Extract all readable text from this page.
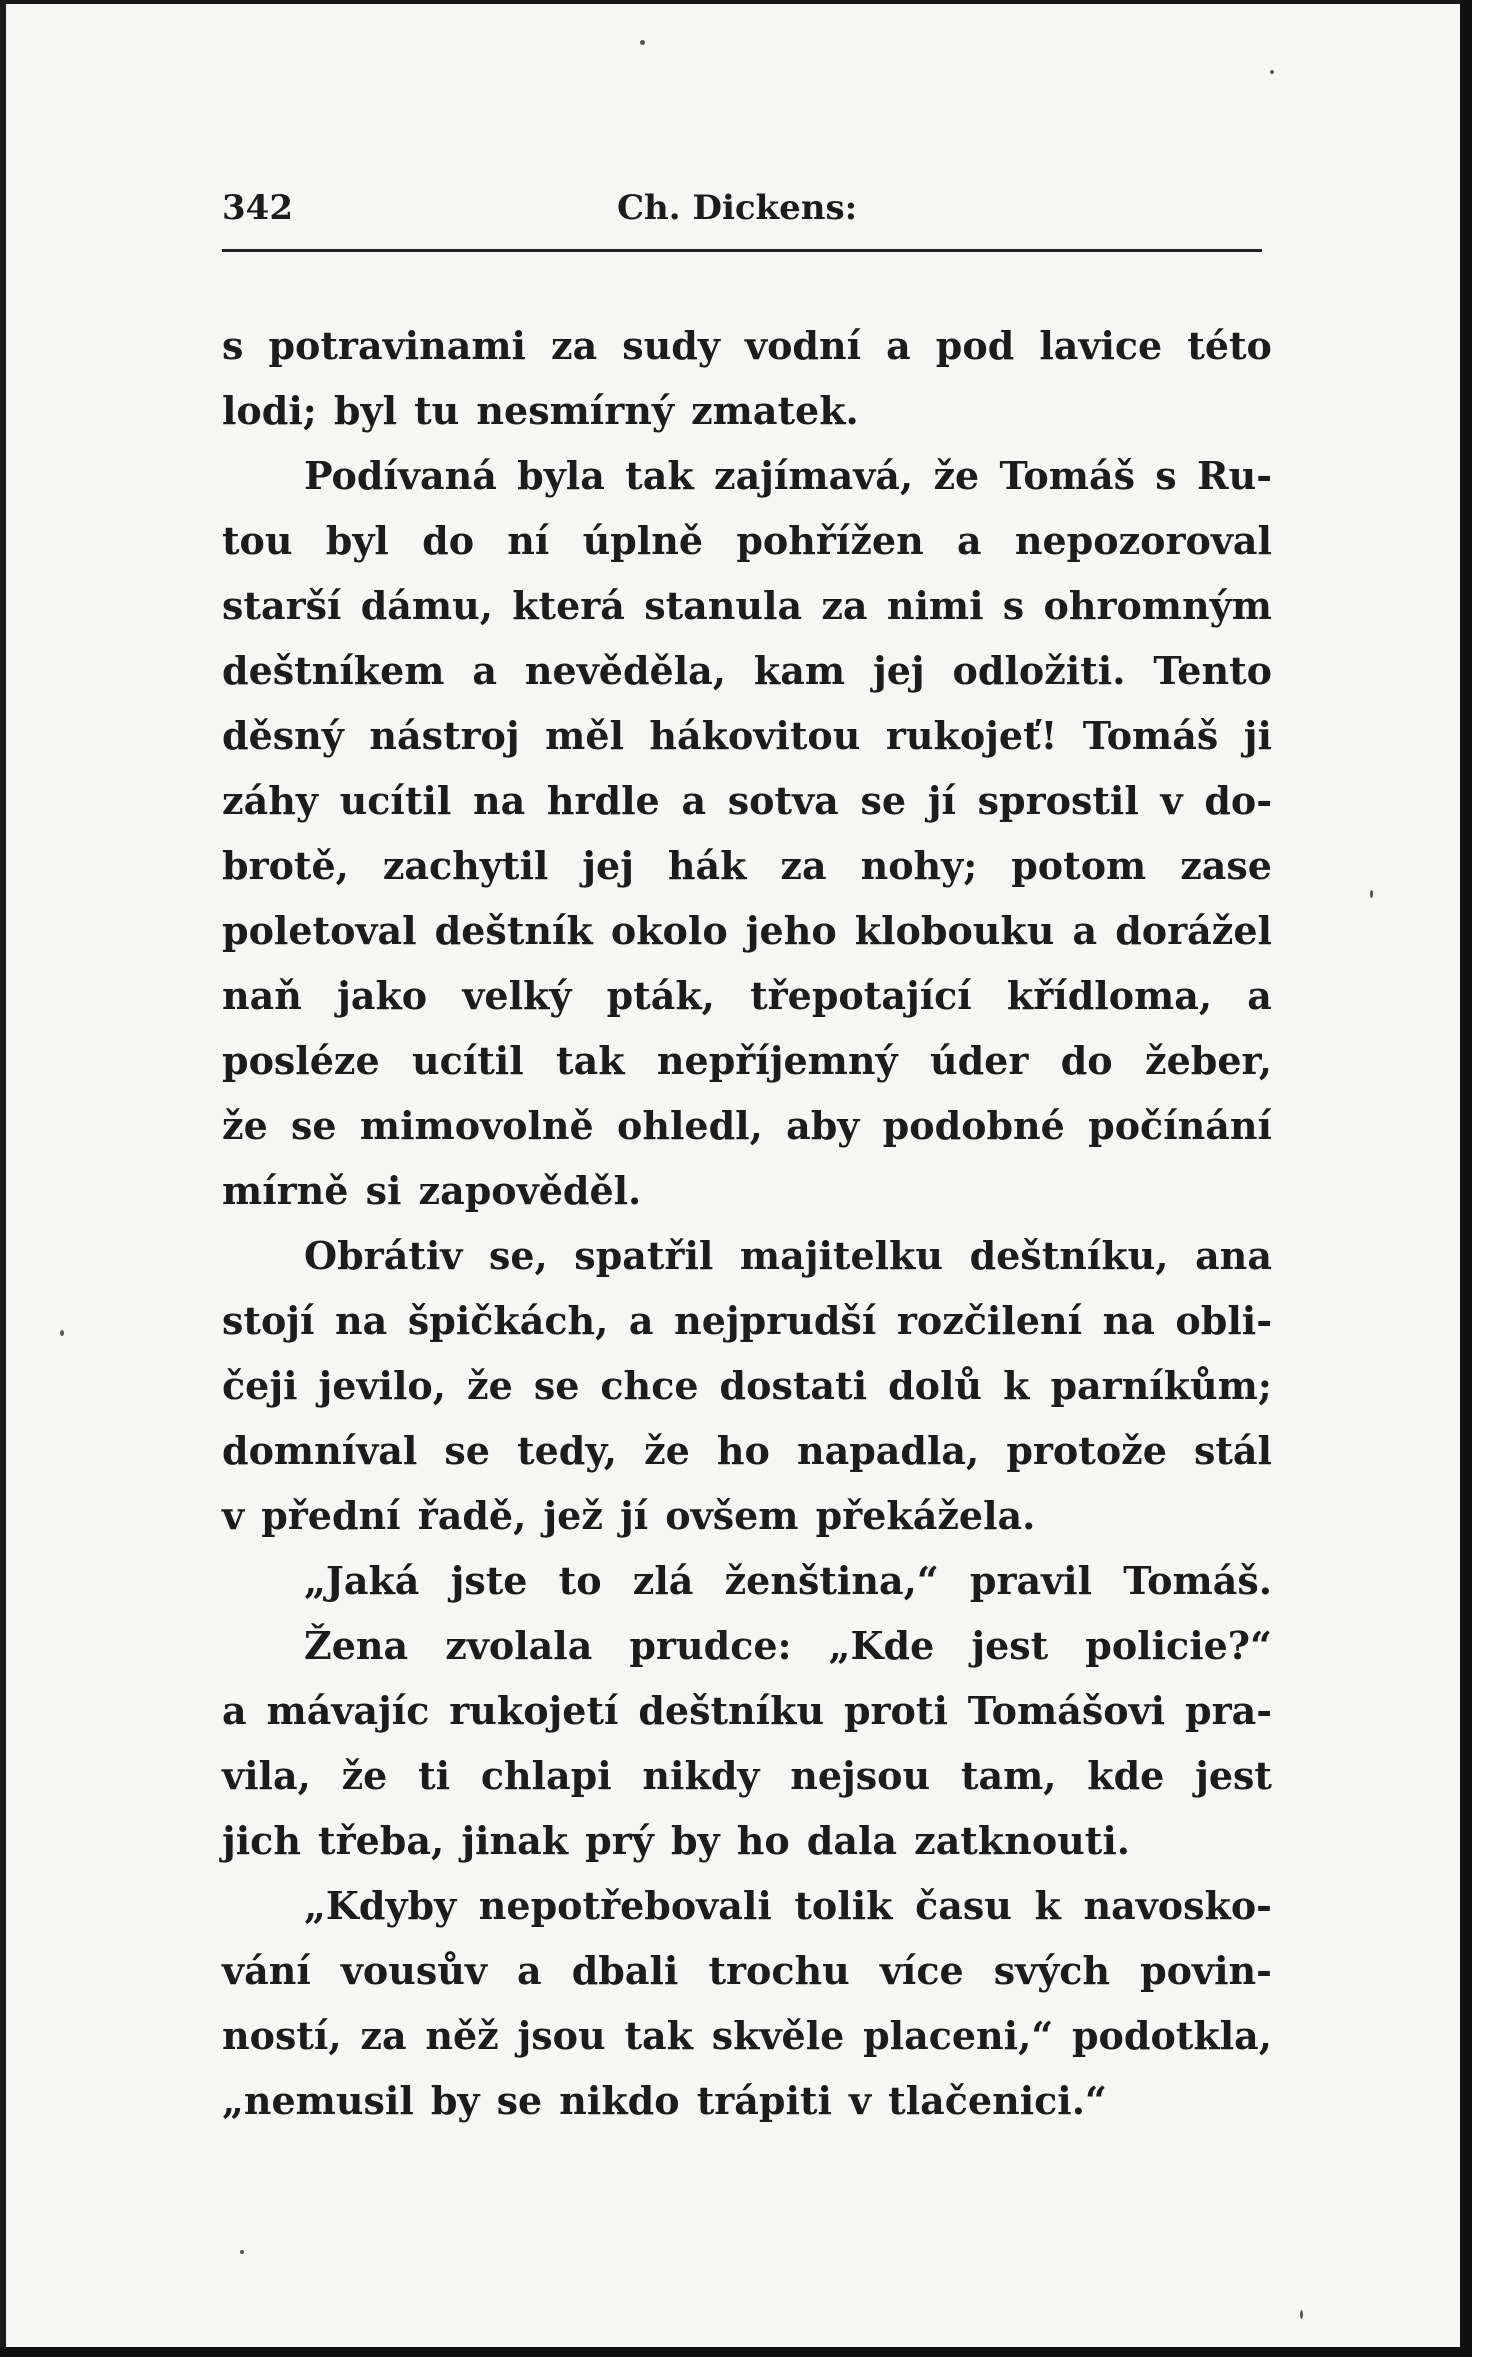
342	Ch. Dickens:
s potravinami za sudy vodní a pod lavice této
lodi; byl tu nesmírný zmatek.
Podívaná byla tak zajímavá, že Tomáš s Ru-
tou byl do ní úplně pohřížen a nepozoroval
starší dámu, která stanula za nimi s ohromným
deštníkem a nevěděla, kam jej odložiti. Tento
děsný nástroj měl hákovitou rukojeť! Tomáš ji
záhy ucítil na hrdle a sotva se jí sprostil v do-
brotě, zachytil jej hák za nohy; potom zase
poletoval deštník okolo jeho klobouku a dorážel
naň jako velký pták, třepotající křídloma, a
posléze ucítil tak nepříjemný úder do žeber,
že se mimovolně ohledl, aby podobné počínání
mírně si zapověděl.
Obrátiv se, spatřil majitelku deštníku, ana
stojí na špičkách, a nejprudší rozčilení na obli-
čeji jevilo, že se chce dostati dolů k parníkům;
domníval se tedy, že ho napadla, protože stál
v přední řadě, jež jí ovšem překážela.
„Jaká jste to zlá ženština,“ pravil Tomáš.
Žena zvolala prudce: „Kde jest policie?“
a mávajíc rukojetí deštníku proti Tomášovi pra-
vila, že ti chlapi nikdy nejsou tam, kde jest
jich třeba, jinak prý by ho dala zatknouti.
„Kdyby nepotřebovali tolik času k navosko-
vání vousův a dbali trochu více svých povin-
ností, za něž jsou tak skvěle placeni,“ podotkla,
„nemusil by se nikdo trápiti v tlačenici.“
